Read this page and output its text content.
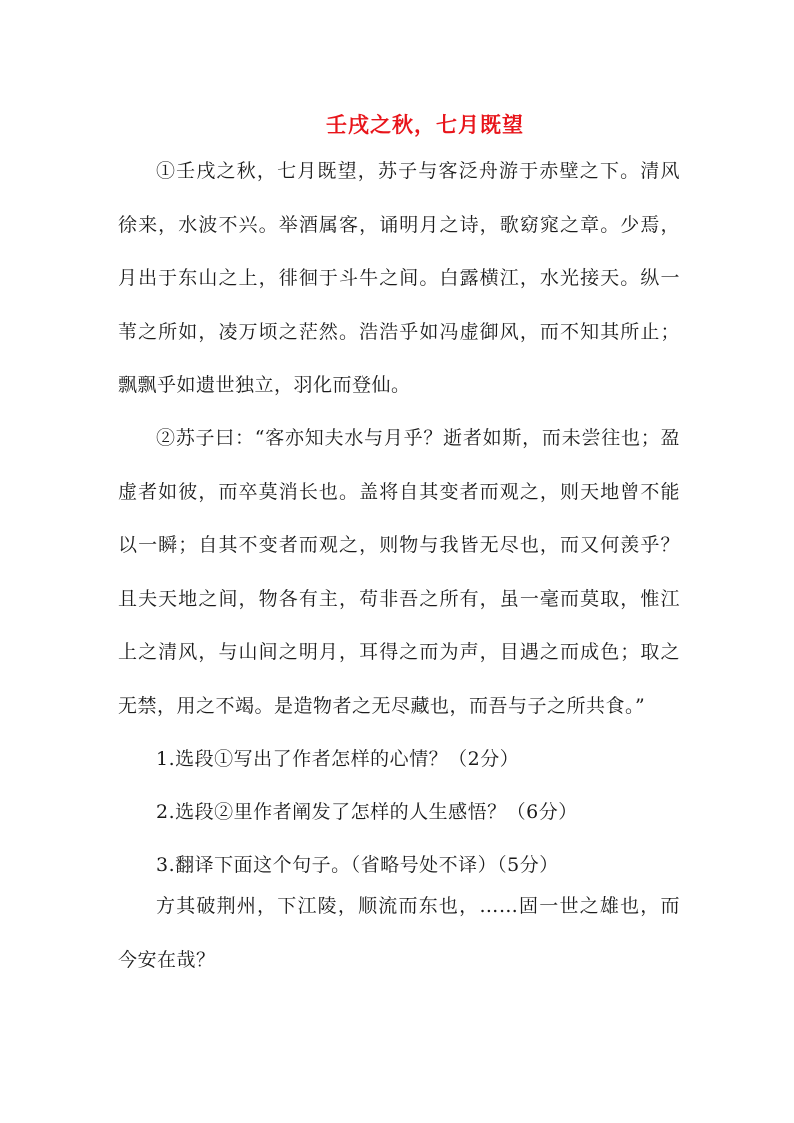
壬戌之秋，七月既望
①壬戌之秋，七月既望，苏子与客泛舟游于赤壁之下。清风徐来，水波不兴。举酒属客，诵明月之诗，歌窈窕之章。少焉，月出于东山之上，徘徊于斗牛之间。白露横江，水光接天。纵一苇之所如，凌万顷之茫然。浩浩乎如冯虚御风，而不知其所止；飘飘乎如遗世独立，羽化而登仙。
②苏子曰：“客亦知夫水与月乎？逝者如斯，而未尝往也；盈虚者如彼，而卒莫消长也。盖将自其变者而观之，则天地曾不能以一瞬；自其不变者而观之，则物与我皆无尽也，而又何羡乎？且夫天地之间，物各有主，苟非吾之所有，虽一毫而莫取，惟江上之清风，与山间之明月，耳得之而为声，目遇之而成色；取之无禁，用之不竭。是造物者之无尽藏也，而吾与子之所共食。”
1.选段①写出了作者怎样的心情？（2分）
2.选段②里作者阐发了怎样的人生感悟？（6分）
3.翻译下面这个句子。（省略号处不译）（5分）
方其破荆州，下江陵，顺流而东也，……固一世之雄也，而今安在哉？
